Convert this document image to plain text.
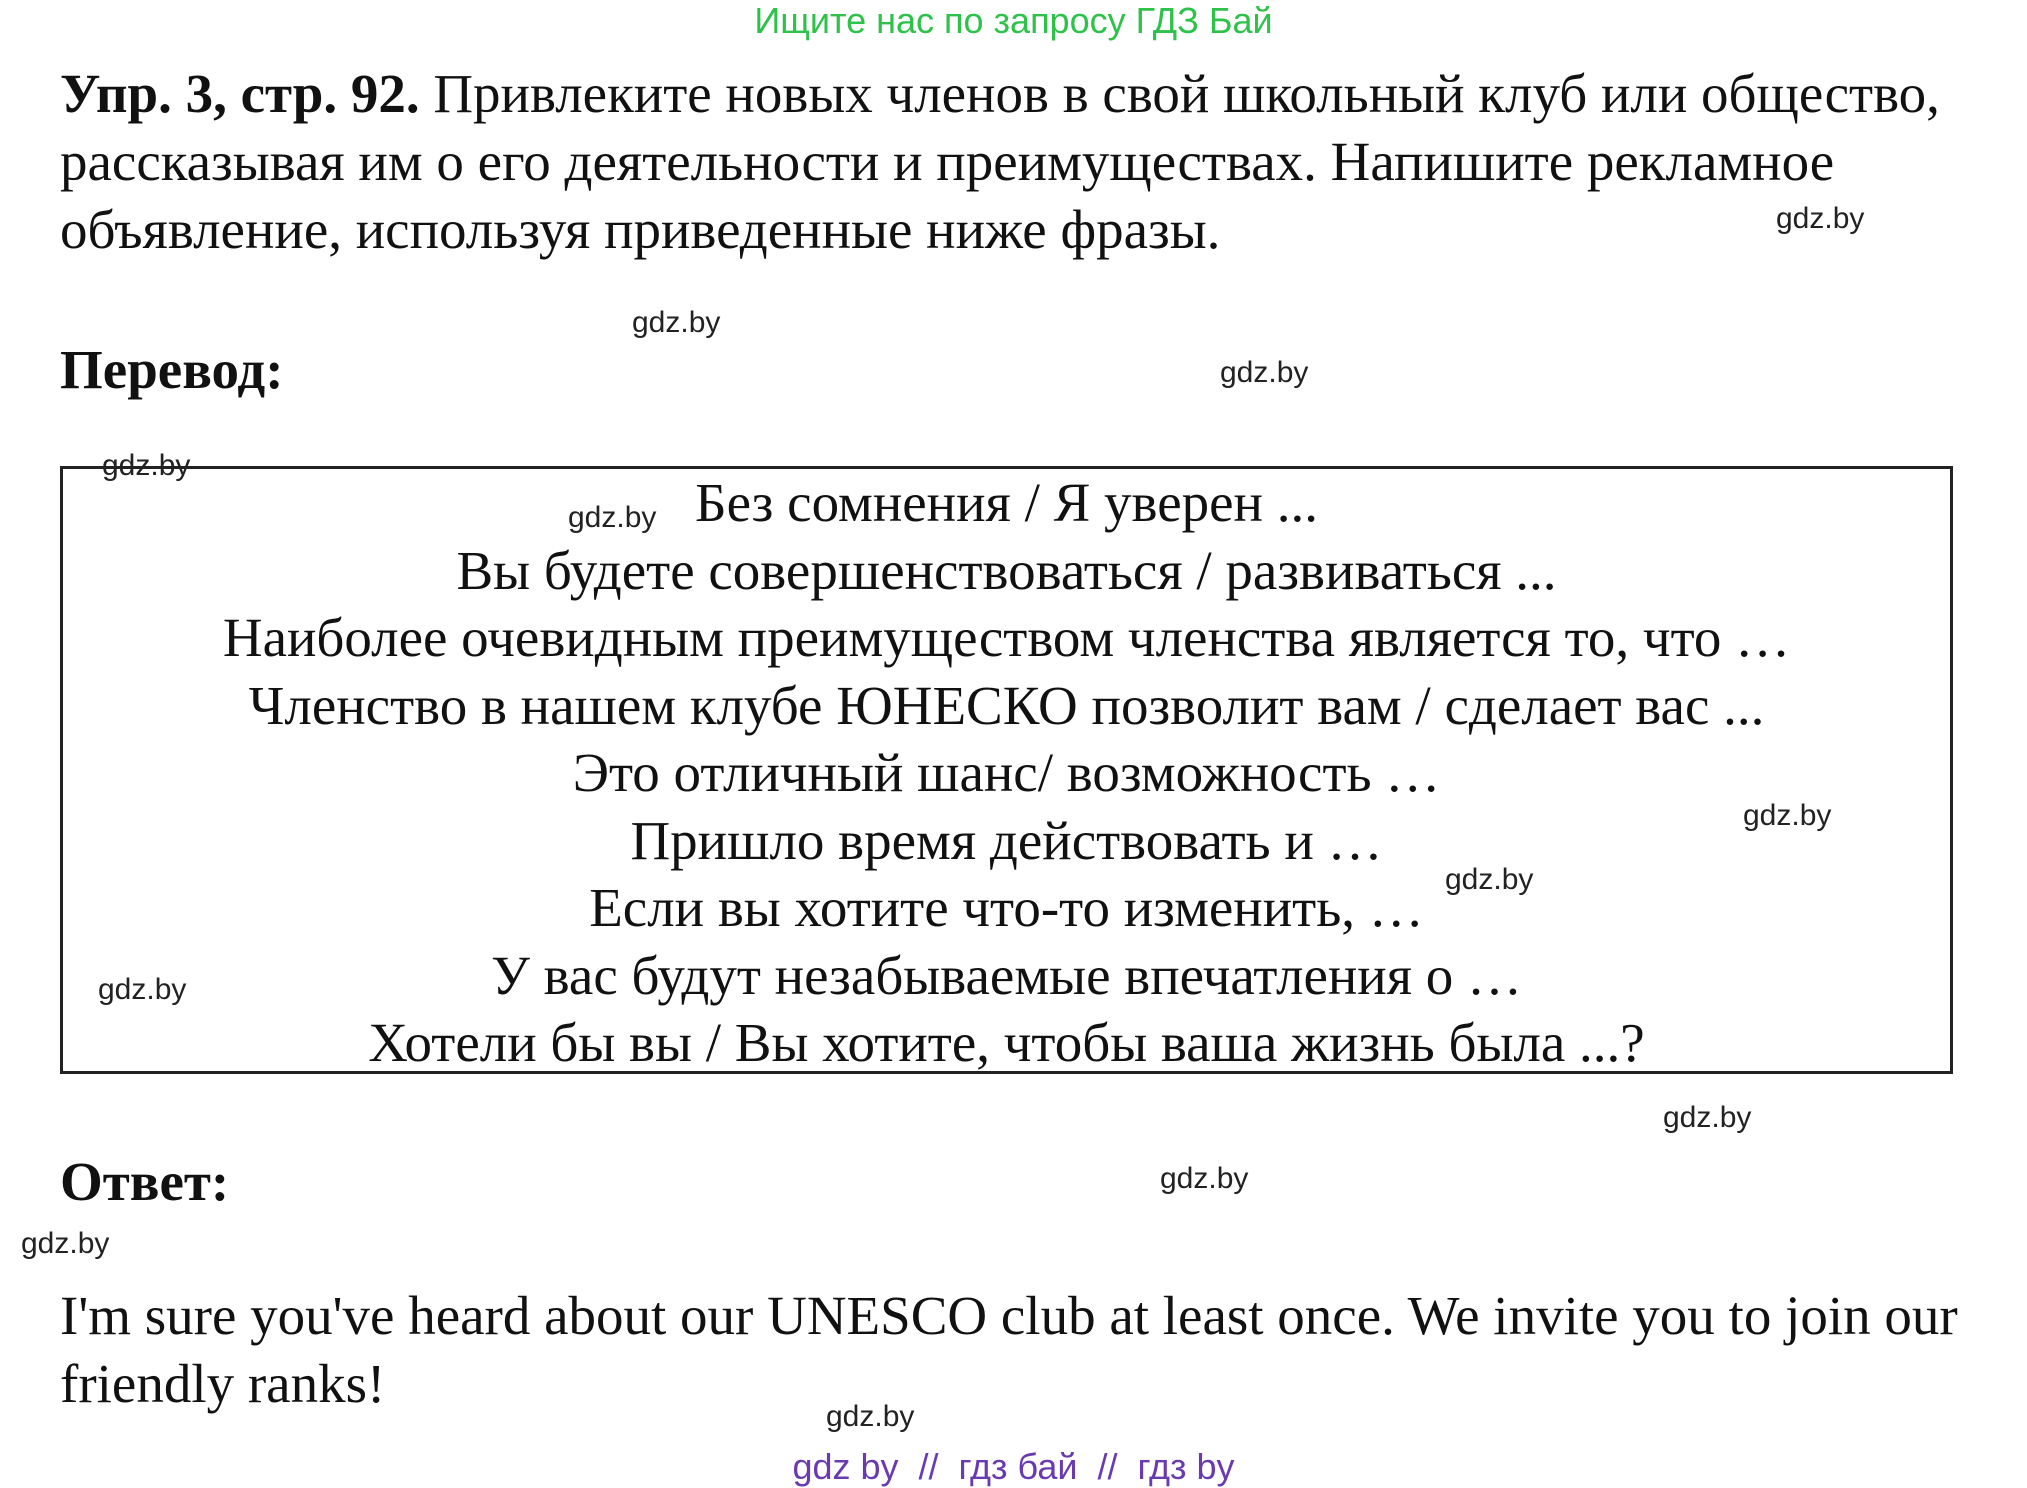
Ищите нас по запросу ГДЗ Бай
Упр. 3, стр. 92. Привлеките новых членов в свой школьный клуб или общество, рассказывая им о его деятельности и преимуществах. Напишите рекламное объявление, используя приведенные ниже фразы.
Перевод:
Без сомнения / Я уверен ...
Вы будете совершенствоваться / развиваться ...
Наиболее очевидным преимуществом членства является то, что …
Членство в нашем клубе ЮНЕСКО позволит вам / сделает вас ...
Это отличный шанс/ возможность …
Пришло время действовать и …
Если вы хотите что-то изменить, …
У вас будут незабываемые впечатления о …
Хотели бы вы / Вы хотите, чтобы ваша жизнь была ...?
Ответ:
I'm sure you've heard about our UNESCO club at least once. We invite you to join our friendly ranks!
gdz.by
gdz.by
gdz.by
gdz.by
gdz.by
gdz.by
gdz.by
gdz.by
gdz.by
gdz.by
gdz.by
gdz.by
gdz by  //  гдз бай  //  гдз by
